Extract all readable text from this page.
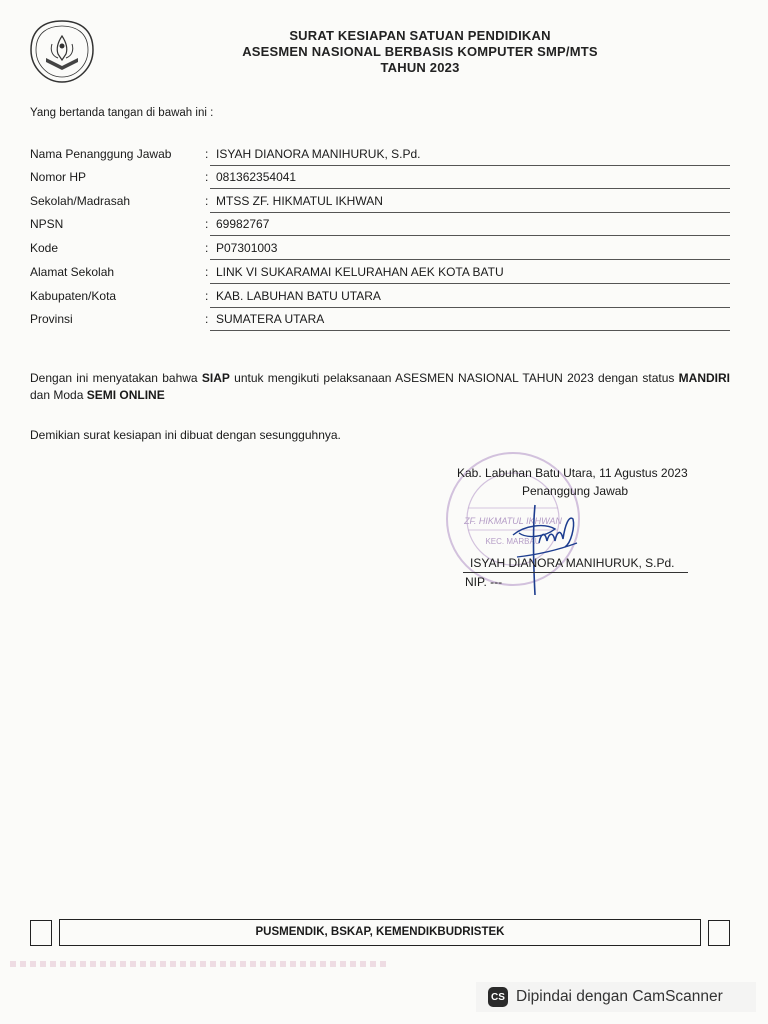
SURAT KESIAPAN SATUAN PENDIDIKAN
ASESMEN NASIONAL BERBASIS KOMPUTER SMP/MTS
TAHUN 2023
Yang bertanda tangan di bawah ini :
Nama Penanggung Jawab	: ISYAH DIANORA MANIHURUK, S.Pd.
Nomor HP	: 081362354041
Sekolah/Madrasah	: MTSS ZF. HIKMATUL IKHWAN
NPSN	: 69982767
Kode	: P07301003
Alamat Sekolah	: LINK VI SUKARAMAI KELURAHAN AEK KOTA BATU
Kabupaten/Kota	: KAB. LABUHAN BATU UTARA
Provinsi	: SUMATERA UTARA
Dengan ini menyatakan bahwa SIAP untuk mengikuti pelaksanaan ASESMEN NASIONAL TAHUN 2023 dengan status MANDIRI dan Moda SEMI ONLINE
Demikian surat kesiapan ini dibuat dengan sesungguhnya.
ZF. HIKMATUL IKHWAN
KEC. MARBAU
Kab. Labuhan Batu Utara, 11 Agustus 2023
Penanggung Jawab
ISYAH DIANORA MANIHURUK, S.Pd.
NIP. ---
PUSMENDIK, BSKAP, KEMENDIKBUDRISTEK
CS Dipindai dengan CamScanner
